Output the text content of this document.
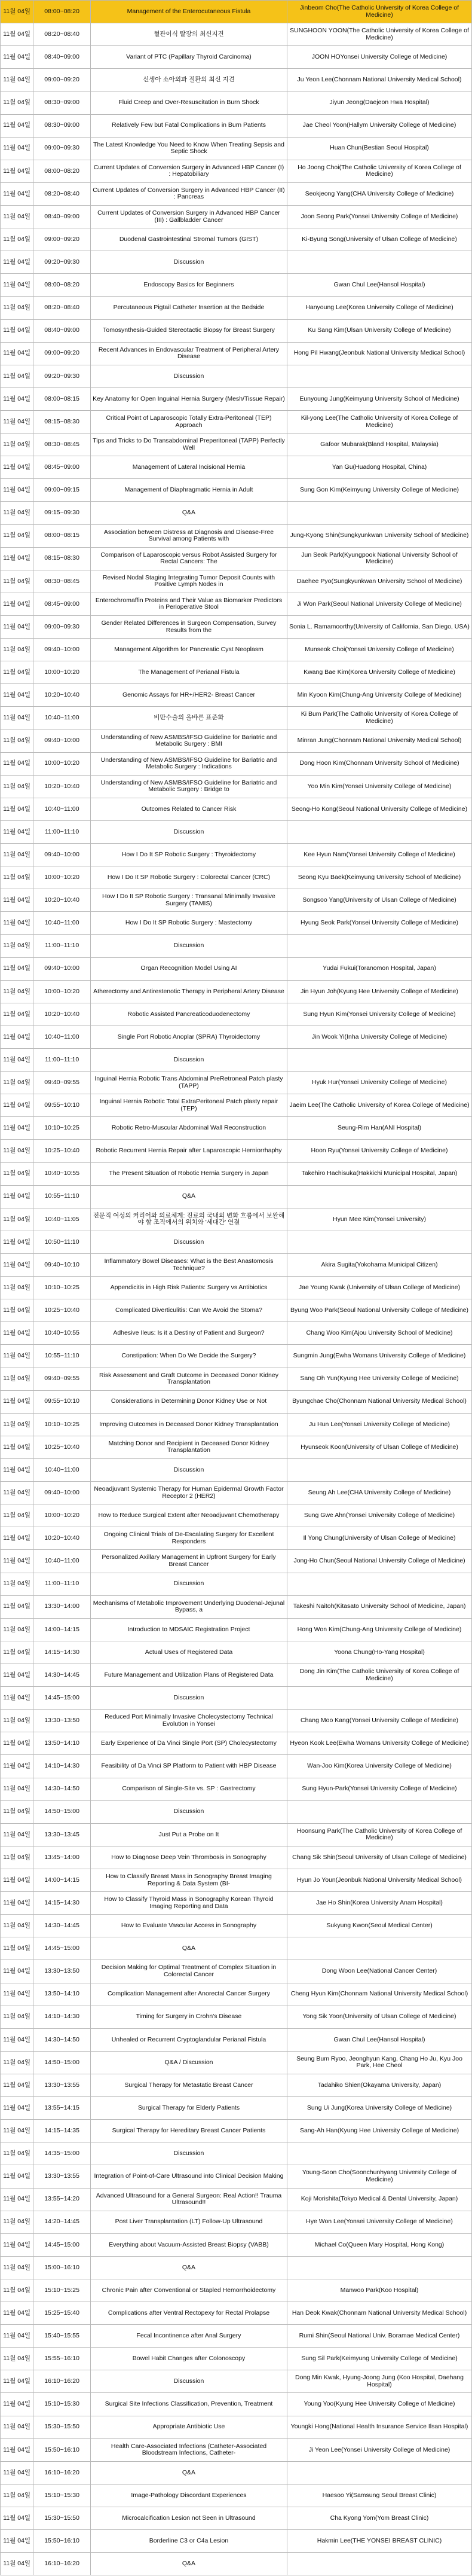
11월 04일	08:00~08:20	Management of the Enterocutaneous Fistula	Jinbeom Cho(The Catholic University of Korea College of Medicine)
11월 04일	08:20~08:40	혈관이식 탈장의 최신지견	SUNGHOON YOON(The Catholic University of Korea College of Medicine)
11월 04일	08:40~09:00	Variant of PTC (Papillary Thyroid Carcinoma)	JOON HOYonsei University College of Medicine)
11월 04일	09:00~09:20	신생아 소아외과 질환의 최신 지견	Ju Yeon Lee(Chonnam National University Medical School)
11월 04일	08:30~09:00	Fluid Creep and Over-Resuscitation in Burn Shock	Jiyun Jeong(Daejeon Hwa Hospital)
11월 04일	08:30~09:00	Relatively Few but Fatal Complications in Burn Patients	Jae Cheol Yoon(Hallym University College of Medicine)
11월 04일	09:00~09:30	The Latest Knowledge You Need to Know When Treating Sepsis and Septic Shock	Huan Chun(Bestian Seoul Hospital)
11월 04일	08:00~08:20	Current Updates of Conversion Surgery in Advanced HBP Cancer (I) : Hepatobiliary	Ho Joong Choi(The Catholic University of Korea College of Medicine)
11월 04일	08:20~08:40	Current Updates of Conversion Surgery in Advanced HBP Cancer (II) : Pancreas	Seokjeong Yang(CHA University College of Medicine)
11월 04일	08:40~09:00	Current Updates of Conversion Surgery in Advanced HBP Cancer (III) : Gallbladder Cancer	Joon Seong Park(Yonsei University College of Medicine)
11월 04일	09:00~09:20	Duodenal Gastrointestinal Stromal Tumors (GIST)	Ki-Byung Song(University of Ulsan College of Medicine)
11월 04일	09:20~09:30	Discussion	
11월 04일	08:00~08:20	Endoscopy Basics for Beginners	Gwan Chul Lee(Hansol Hospital)
11월 04일	08:20~08:40	Percutaneous Pigtail Catheter Insertion at the Bedside	Hanyoung Lee(Korea University College of Medicine)
11월 04일	08:40~09:00	Tomosynthesis-Guided Stereotactic Biopsy for Breast Surgery	Ku Sang Kim(Ulsan University College of Medicine)
11월 04일	09:00~09:20	Recent Advances in Endovascular Treatment of Peripheral Artery Disease	Hong Pil Hwang(Jeonbuk National University Medical School)
11월 04일	09:20~09:30	Discussion	
11월 04일	08:00~08:15	Key Anatomy for Open Inguinal Hernia Surgery (Mesh/Tissue Repair)	Eunyoung Jung(Keimyung University School of Medicine)
11월 04일	08:15~08:30	Critical Point of Laparoscopic Totally Extra-Peritoneal (TEP) Approach	Kil-yong Lee(The Catholic University of Korea College of Medicine)
11월 04일	08:30~08:45	Tips and Tricks to Do Transabdominal Preperitoneal (TAPP) Perfectly Well	Gafoor Mubarak(Bland Hospital, Malaysia)
11월 04일	08:45~09:00	Management of Lateral Incisional Hernia	Yan Gu(Huadong Hospital, China)
11월 04일	09:00~09:15	Management of Diaphragmatic Hernia in Adult	Sung Gon Kim(Keimyung University College of Medicine)
11월 04일	09:15~09:30	Q&A	
11월 04일	08:00~08:15	Association between Distress at Diagnosis and Disease-Free Survival among Patients with	Jung-Kyong Shin(Sungkyunkwan University School of Medicine)
11월 04일	08:15~08:30	Comparison of Laparoscopic versus Robot Assisted Surgery for Rectal Cancers: The	Jun Seok Park(Kyungpook National University School of Medicine)
11월 04일	08:30~08:45	Revised Nodal Staging Integrating Tumor Deposit Counts with Positive Lymph Nodes in	Daehee Pyo(Sungkyunkwan University School of Medicine)
11월 04일	08:45~09:00	Enterochromaffin Proteins and Their Value as Biomarker Predictors in Perioperative Stool	Ji Won Park(Seoul National University College of Medicine)
11월 04일	09:00~09:30	Gender Related Differences in Surgeon Compensation, Survey Results from the	Sonia L. Ramamoorthy(University of California, San Diego, USA)
11월 04일	09:40~10:00	Management Algorithm for Pancreatic Cyst Neoplasm	Munseok Choi(Yonsei University College of Medicine)
11월 04일	10:00~10:20	The Management of Perianal Fistula	Kwang Bae Kim(Korea University College of Medicine)
11월 04일	10:20~10:40	Genomic Assays for HR+/HER2- Breast Cancer	Min Kyoon Kim(Chung-Ang University College of Medicine)
11월 04일	10:40~11:00	비만수술의 올바른 표준화	Ki Bum Park(The Catholic University of Korea College of Medicine)
11월 04일	09:40~10:00	Understanding of New ASMBS/IFSO Guideline for Bariatric and Metabolic Surgery : BMI	Minran Jung(Chonnam National University Medical School)
11월 04일	10:00~10:20	Understanding of New ASMBS/IFSO Guideline for Bariatric and Metabolic Surgery : Indications	Dong Hoon Kim(Chonnam University School of Medicine)
11월 04일	10:20~10:40	Understanding of New ASMBS/IFSO Guideline for Bariatric and Metabolic Surgery : Bridge to	Yoo Min Kim(Yonsei University College of Medicine)
11월 04일	10:40~11:00	Outcomes Related to Cancer Risk	Seong-Ho Kong(Seoul National University College of Medicine)
11월 04일	11:00~11:10	Discussion	
11월 04일	09:40~10:00	How I Do It SP Robotic Surgery : Thyroidectomy	Kee Hyun Nam(Yonsei University College of Medicine)
11월 04일	10:00~10:20	How I Do It SP Robotic Surgery : Colorectal Cancer (CRC)	Seong Kyu Baek(Keimyung University School of Medicine)
11월 04일	10:20~10:40	How I Do It SP Robotic Surgery : Transanal Minimally Invasive Surgery (TAMIS)	Songsoo Yang(University of Ulsan College of Medicine)
11월 04일	10:40~11:00	How I Do It SP Robotic Surgery : Mastectomy	Hyung Seok Park(Yonsei University College of Medicine)
11월 04일	11:00~11:10	Discussion	
11월 04일	09:40~10:00	Organ Recognition Model Using AI	Yudai Fukui(Toranomon Hospital, Japan)
11월 04일	10:00~10:20	Atherectomy and Antirestenotic Therapy in Peripheral Artery Disease	Jin Hyun Joh(Kyung Hee University College of Medicine)
11월 04일	10:20~10:40	Robotic Assisted Pancreaticoduodenectomy	Sung Hyun Kim(Yonsei University College of Medicine)
11월 04일	10:40~11:00	Single Port Robotic Anoplar (SPRA) Thyroidectomy	Jin Wook Yi(Inha University College of Medicine)
11월 04일	11:00~11:10	Discussion	
11월 04일	09:40~09:55	Inguinal Hernia Robotic Trans Abdominal PreRetroneal Patch plasty (TAPP)	Hyuk Hur(Yonsei University College of Medicine)
11월 04일	09:55~10:10	Inguinal Hernia Robotic Total ExtraPeritoneal Patch plasty repair (TEP)	Jaeim Lee(The Catholic University of Korea College of Medicine)
11월 04일	10:10~10:25	Robotic Retro-Muscular Abdominal Wall Reconstruction	Seung-Rim Han(ANI Hospital)
11월 04일	10:25~10:40	Robotic Recurrent Hernia Repair after Laparoscopic Herniorrhaphy	Hoon Ryu(Yonsei University College of Medicine)
11월 04일	10:40~10:55	The Present Situation of Robotic Hernia Surgery in Japan	Takehiro Hachisuka(Hakkichi Municipal Hospital, Japan)
11월 04일	10:55~11:10	Q&A	
11월 04일	10:40~11:05	전문직 여성의 커리어와 의료체계: 진료의 국내외 변화 흐름에서 보완해야 할 조직에서의 위치와 '세대간' 연결	Hyun Mee Kim(Yonsei University)
11월 04일	10:50~11:10	Discussion	
11월 04일	09:40~10:10	Inflammatory Bowel Diseases: What is the Best Anastomosis Technique?	Akira Sugita(Yokohama Municipal Citizen)
11월 04일	10:10~10:25	Appendicitis in High Risk Patients: Surgery vs Antibiotics	Jae Young Kwak (University of Ulsan College of Medicine)
11월 04일	10:25~10:40	Complicated Diverticulitis: Can We Avoid the Stoma?	Byung Woo Park(Seoul National University College of Medicine)
11월 04일	10:40~10:55	Adhesive Ileus: Is it a Destiny of Patient and Surgeon?	Chang Woo Kim(Ajou University School of Medicine)
11월 04일	10:55~11:10	Constipation: When Do We Decide the Surgery?	Sungmin Jung(Ewha Womans University College of Medicine)
11월 04일	09:40~09:55	Risk Assessment and Graft Outcome in Deceased Donor Kidney Transplantation	Sang Oh Yun(Kyung Hee University College of Medicine)
11월 04일	09:55~10:10	Considerations in Determining Donor Kidney Use or Not	Byungchae Cho(Chonnam National University Medical School)
11월 04일	10:10~10:25	Improving Outcomes in Deceased Donor Kidney Transplantation	Ju Hun Lee(Yonsei University College of Medicine)
11월 04일	10:25~10:40	Matching Donor and Recipient in Deceased Donor Kidney Transplantation	Hyunseok Koon(University of Ulsan College of Medicine)
11월 04일	10:40~11:00	Discussion	
11월 04일	09:40~10:00	Neoadjuvant Systemic Therapy for Human Epidermal Growth Factor Receptor 2 (HER2)	Seung Ah Lee(CHA University College of Medicine)
11월 04일	10:00~10:20	How to Reduce Surgical Extent after Neoadjuvant Chemotherapy	Sung Gwe Ahn(Yonsei University College of Medicine)
11월 04일	10:20~10:40	Ongoing Clinical Trials of De-Escalating Surgery for Excellent Responders	Il Yong Chung(University of Ulsan College of Medicine)
11월 04일	10:40~11:00	Personalized Axillary Management in Upfront Surgery for Early Breast Cancer	Jong-Ho Chun(Seoul National University College of Medicine)
11월 04일	11:00~11:10	Discussion	
11월 04일	13:30~14:00	Mechanisms of Metabolic Improvement Underlying Duodenal-Jejunal Bypass, a	Takeshi Naitoh(Kitasato University School of Medicine, Japan)
11월 04일	14:00~14:15	Introduction to MDSAIC Registration Project	Hong Won Kim(Chung-Ang University College of Medicine)
11월 04일	14:15~14:30	Actual Uses of Registered Data	Yoona Chung(Ho-Yang Hospital)
11월 04일	14:30~14:45	Future Management and Utilization Plans of Registered Data	Dong Jin Kim(The Catholic University of Korea College of Medicine)
11월 04일	14:45~15:00	Discussion	
11월 04일	13:30~13:50	Reduced Port Minimally Invasive Cholecystectomy Technical Evolution in Yonsei	Chang Moo Kang(Yonsei University College of Medicine)
11월 04일	13:50~14:10	Early Experience of Da Vinci Single Port (SP) Cholecystectomy	Hyeon Kook Lee(Ewha Womans University College of Medicine)
11월 04일	14:10~14:30	Feasibility of Da Vinci SP Platform to Patient with HBP Disease	Wan-Joo Kim(Korea University College of Medicine)
11월 04일	14:30~14:50	Comparison of Single-Site vs. SP : Gastrectomy	Sung Hyun-Park(Yonsei University College of Medicine)
11월 04일	14:50~15:00	Discussion	
11월 04일	13:30~13:45	Just Put a Probe on It	Hoonsung Park(The Catholic University of Korea College of Medicine)
11월 04일	13:45~14:00	How to Diagnose Deep Vein Thrombosis in Sonography	Chang Sik Shin(Seoul University of Ulsan College of Medicine)
11월 04일	14:00~14:15	How to Classify Breast Mass in Sonography Breast Imaging Reporting & Data System (BI-	Hyun Jo Youn(Jeonbuk National University Medical School)
11월 04일	14:15~14:30	How to Classify Thyroid Mass in Sonography Korean Thyroid Imaging Reporting and Data	Jae Ho Shin(Korea University Anam Hospital)
11월 04일	14:30~14:45	How to Evaluate Vascular Access in Sonography	Sukyung Kwon(Seoul Medical Center)
11월 04일	14:45~15:00	Q&A	
11월 04일	13:30~13:50	Decision Making for Optimal Treatment of Complex Situation in Colorectal Cancer	Dong Woon Lee(National Cancer Center)
11월 04일	13:50~14:10	Complication Management after Anorectal Cancer Surgery	Cheng Hyun Kim(Chonnam National University Medical School)
11월 04일	14:10~14:30	Timing for Surgery in Crohn's Disease	Yong Sik Yoon(University of Ulsan College of Medicine)
11월 04일	14:30~14:50	Unhealed or Recurrent Cryptoglandular Perianal Fistula	Gwan Chul Lee(Hansol Hospital)
11월 04일	14:50~15:00	Q&A / Discussion	Seung Bum Ryoo, Jeonghyun Kang, Chang Ho Ju, Kyu Joo Park, Hee Cheol
11월 04일	13:30~13:55	Surgical Therapy for Metastatic Breast Cancer	Tadahiko Shien(Okayama University, Japan)
11월 04일	13:55~14:15	Surgical Therapy for Elderly Patients	Sung Ui Jung(Korea University College of Medicine)
11월 04일	14:15~14:35	Surgical Therapy for Hereditary Breast Cancer Patients	Sang-Ah Han(Kyung Hee University College of Medicine)
11월 04일	14:35~15:00	Discussion	
11월 04일	13:30~13:55	Integration of Point-of-Care Ultrasound into Clinical Decision Making	Young-Soon Cho(Soonchunhyang University College of Medicine)
11월 04일	13:55~14:20	Advanced Ultrasound for a General Surgeon: Real Action!! Trauma Ultrasound!!	Koji Morishita(Tokyo Medical & Dental University, Japan)
11월 04일	14:20~14:45	Post Liver Transplantation (LT) Follow-Up Ultrasound	Hye Won Lee(Yonsei University College of Medicine)
11월 04일	14:45~15:00	Everything about Vacuum-Assisted Breast Biopsy (VABB)	Michael Co(Queen Mary Hospital, Hong Kong)
11월 04일	15:00~16:10	Q&A	
11월 04일	15:10~15:25	Chronic Pain after Conventional or Stapled Hemorrhoidectomy	Manwoo Park(Koo Hospital)
11월 04일	15:25~15:40	Complications after Ventral Rectopexy for Rectal Prolapse	Han Deok Kwak(Chonnam National University Medical School)
11월 04일	15:40~15:55	Fecal Incontinence after Anal Surgery	Rumi Shin(Seoul National Univ. Boramae Medical Center)
11월 04일	15:55~16:10	Bowel Habit Changes after Colonoscopy	Sung Sil Park(Keimyung University College of Medicine)
11월 04일	16:10~16:20	Discussion	Dong Min Kwak, Hyung-Joong Jung (Koo Hospital, Daehang Hospital)
11월 04일	15:10~15:30	Surgical Site Infections Classification, Prevention, Treatment	Young Yoo(Kyung Hee University College of Medicine)
11월 04일	15:30~15:50	Appropriate Antibiotic Use	Youngki Hong(National Health Insurance Service Ilsan Hospital)
11월 04일	15:50~16:10	Health Care-Associated Infections (Catheter-Associated Bloodstream Infections, Catheter-	Ji Yeon Lee(Yonsei University College of Medicine)
11월 04일	16:10~16:20	Q&A	
11월 04일	15:10~15:30	Image-Pathology Discordant Experiences	Haesoo Yi(Samsung Seoul Breast Clinic)
11월 04일	15:30~15:50	Microcalcification Lesion not Seen in Ultrasound	Cha Kyong Yom(Yom Breast Clinic)
11월 04일	15:50~16:10	Borderline C3 or C4a Lesion	Hakmin Lee(THE YONSEI BREAST CLINIC)
11월 04일	16:10~16:20	Q&A	
